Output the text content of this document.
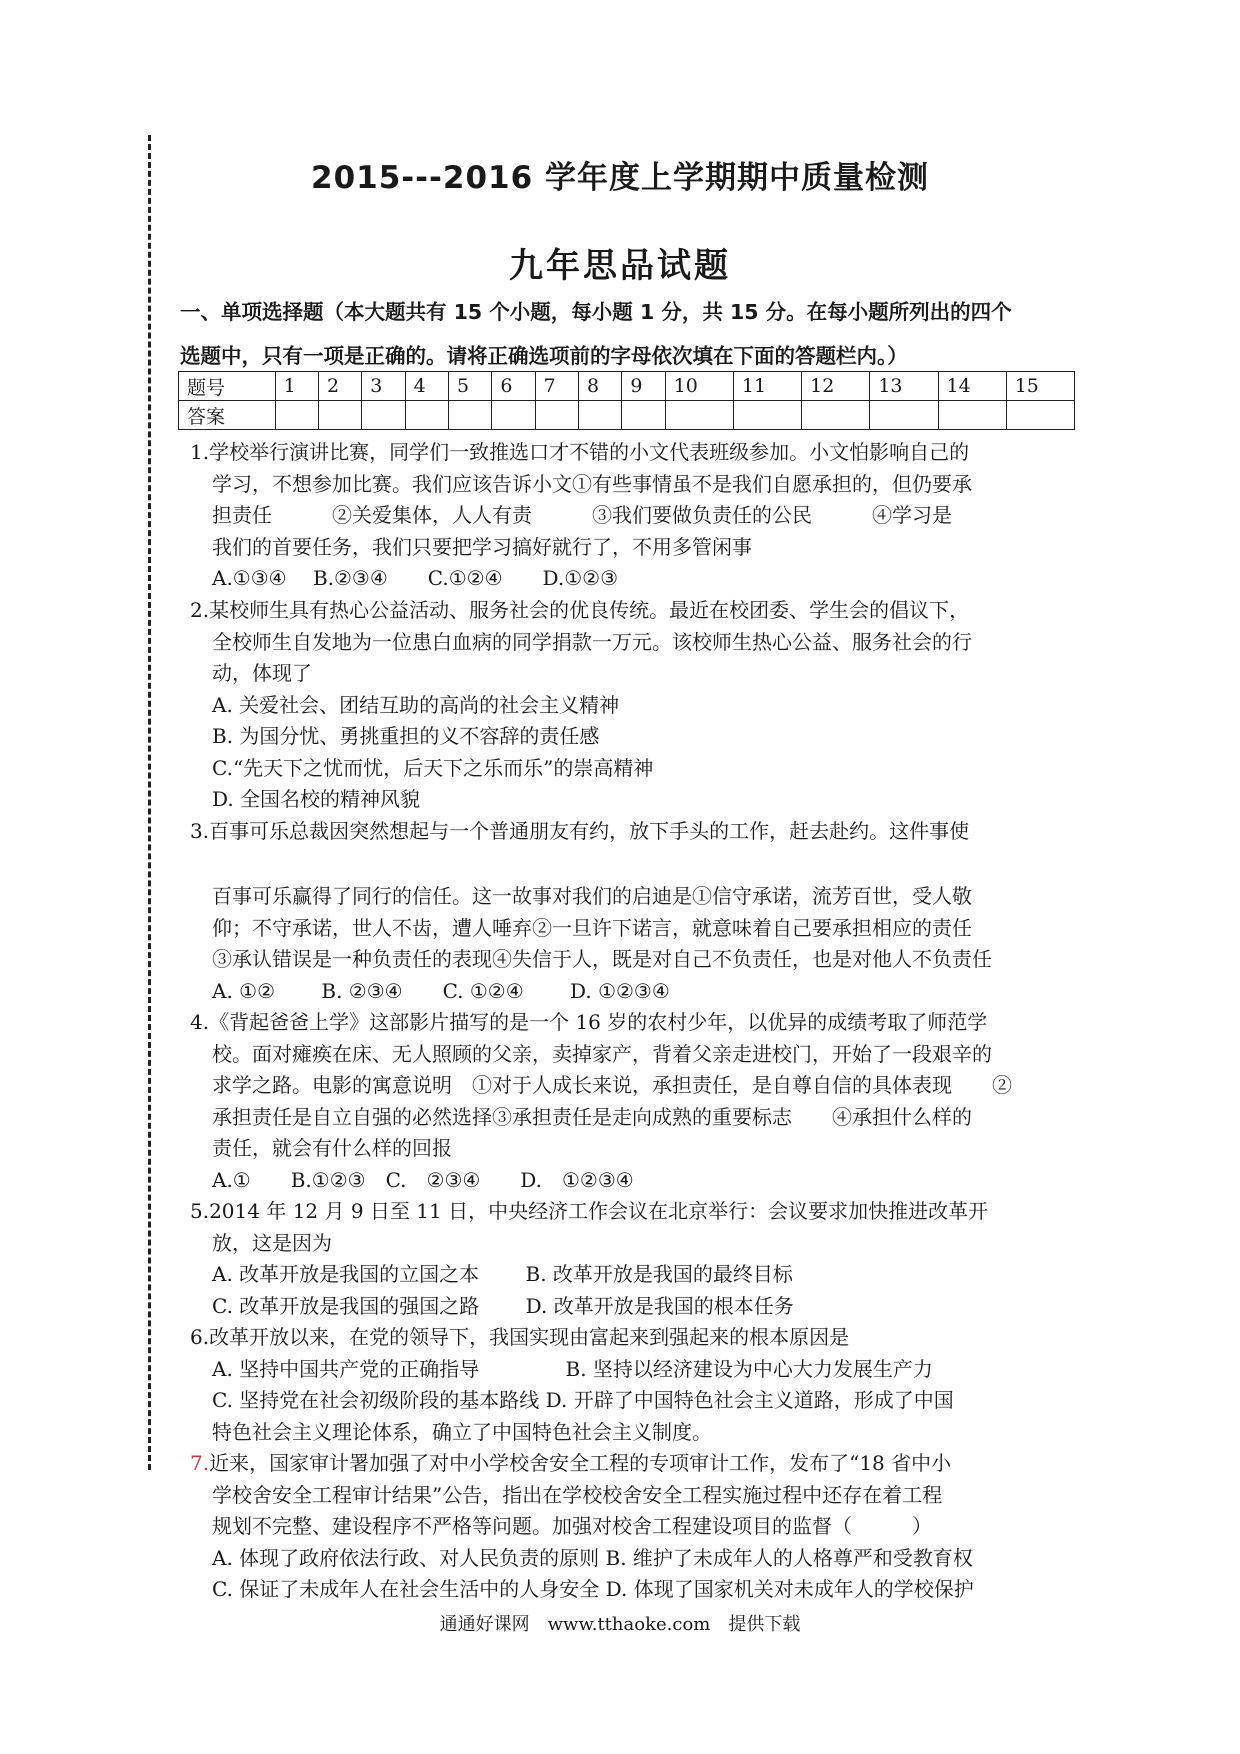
2015---2016 学年度上学期期中质量检测
九年思品试题
一、单项选择题（本大题共有 15 个小题，每小题 1 分，共 15 分。在每小题所列出的四个
选题中，只有一项是正确的。请将正确选项前的字母依次填在下面的答题栏内。）
题号	1	2	3	4	5	6	7	8	9	10	11	12	13	14	15
答案															

1.学校举行演讲比赛，同学们一致推选口才不错的小文代表班级参加。小文怕影响自己的

学习，不想参加比赛。我们应该告诉小文①有些事情虽不是我们自愿承担的，但仍要承

担责任　　　②关爱集体，人人有责　　　③我们要做负责任的公民　　　④学习是

我们的首要任务，我们只要把学习搞好就行了，不用多管闲事

A.①③④　 B.②③④　　C.①②④　　D.①②③

2.某校师生具有热心公益活动、服务社会的优良传统。最近在校团委、学生会的倡议下，

全校师生自发地为一位患白血病的同学捐款一万元。该校师生热心公益、服务社会的行

动，体现了

A. 关爱社会、团结互助的高尚的社会主义精神

B. 为国分忧、勇挑重担的义不容辞的责任感

C.“先天下之忧而忧，后天下之乐而乐”的崇高精神

D. 全国名校的精神风貌

3.百事可乐总裁因突然想起与一个普通朋友有约，放下手头的工作，赶去赴约。这件事使

百事可乐赢得了同行的信任。这一故事对我们的启迪是①信守承诺，流芳百世，受人敬

仰；不守承诺，世人不齿，遭人唾弃②一旦许下诺言，就意味着自己要承担相应的责任

③承认错误是一种负责任的表现④失信于人，既是对自己不负责任，也是对他人不负责任

A. ①②　　 B. ②③④　　C. ①②④　　 D. ①②③④

4.《背起爸爸上学》这部影片描写的是一个 16 岁的农村少年，以优异的成绩考取了师范学

校。面对瘫痪在床、无人照顾的父亲，卖掉家产，背着父亲走进校门，开始了一段艰辛的

求学之路。电影的寓意说明　①对于人成长来说，承担责任，是自尊自信的具体表现　　②

承担责任是自立自强的必然选择③承担责任是走向成熟的重要标志　　④承担什么样的

责任，就会有什么样的回报

A.①　　B.①②③　C.　②③④　　D.　①②③④

5.2014 年 12 月 9 日至 11 日，中央经济工作会议在北京举行：会议要求加快推进改革开

放，这是因为

A. 改革开放是我国的立国之本　　 B. 改革开放是我国的最终目标

C. 改革开放是我国的强国之路　　 D. 改革开放是我国的根本任务

6.改革开放以来，在党的领导下，我国实现由富起来到强起来的根本原因是

A. 坚持中国共产党的正确指导　　　　 B. 坚持以经济建设为中心大力发展生产力

C. 坚持党在社会初级阶段的基本路线 D. 开辟了中国特色社会主义道路，形成了中国

特色社会主义理论体系，确立了中国特色社会主义制度。

7.近来，国家审计署加强了对中小学校舍安全工程的专项审计工作，发布了“18 省中小

学校舍安全工程审计结果”公告，指出在学校校舍安全工程实施过程中还存在着工程

规划不完整、建设程序不严格等问题。加强对校舍工程建设项目的监督（　　　）

A. 体现了政府依法行政、对人民负责的原则 B. 维护了未成年人的人格尊严和受教育权

C. 保证了未成年人在社会生活中的人身安全 D. 体现了国家机关对未成年人的学校保护

通通好课网　www.tthaoke.com　提供下载
